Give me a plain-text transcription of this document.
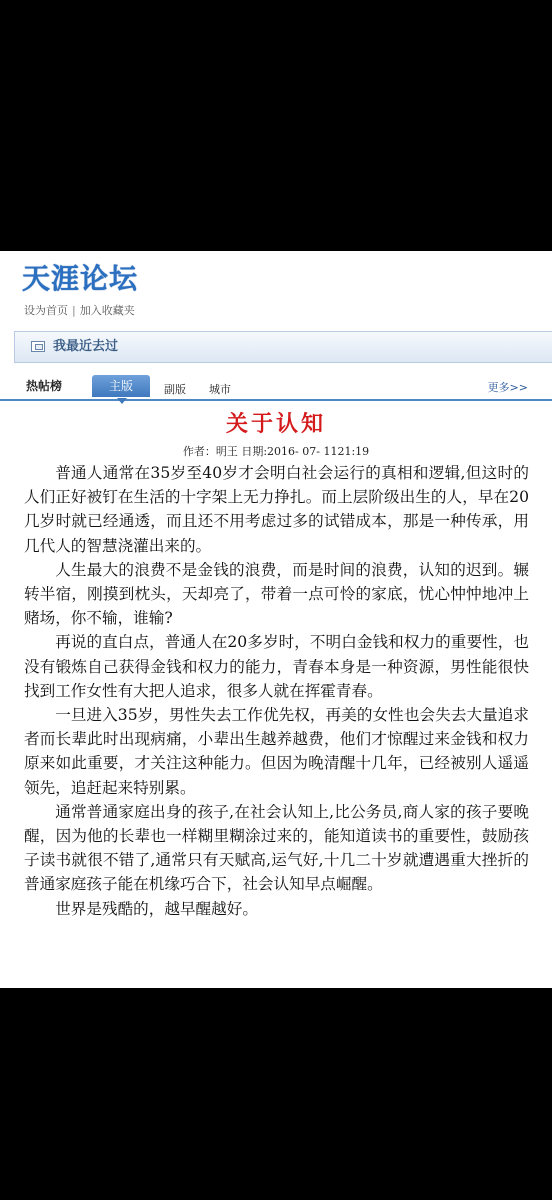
天涯论坛
设为首页 | 加入收藏夹
我最近去过
热帖榜	主版	副版 城市	更多>>
关于认知
作者：明王 日期:2016- 07- 1121:19

普通人通常在35岁至40岁才会明白社会运行的真相和逻辑,但这时的人们正好被钉在生活的十字架上无力挣扎。而上层阶级出生的人，早在20几岁时就已经通透，而且还不用考虑过多的试错成本，那是一种传承，用几代人的智慧浇灌出来的。

人生最大的浪费不是金钱的浪费，而是时间的浪费，认知的迟到。辗转半宿，刚摸到枕头，天却亮了，带着一点可怜的家底，忧心忡忡地冲上赌场，你不输，谁输?

再说的直白点，普通人在20多岁时，不明白金钱和权力的重要性，也没有锻炼自己获得金钱和权力的能力，青春本身是一种资源，男性能很快找到工作女性有大把人追求，很多人就在挥霍青春。

一旦进入35岁，男性失去工作优先权，再美的女性也会失去大量追求者而长辈此时出现病痛，小辈出生越养越费，他们才惊醒过来金钱和权力原来如此重要，才关注这种能力。但因为晚清醒十几年，已经被别人遥遥领先，追赶起来特别累。

通常普通家庭出身的孩子,在社会认知上,比公务员,商人家的孩子要晚醒，因为他的长辈也一样糊里糊涂过来的，能知道读书的重要性，鼓励孩子读书就很不错了,通常只有天赋高,运气好,十几二十岁就遭遇重大挫折的普通家庭孩子能在机缘巧合下，社会认知早点崛醒。

世界是残酷的，越早醒越好。
